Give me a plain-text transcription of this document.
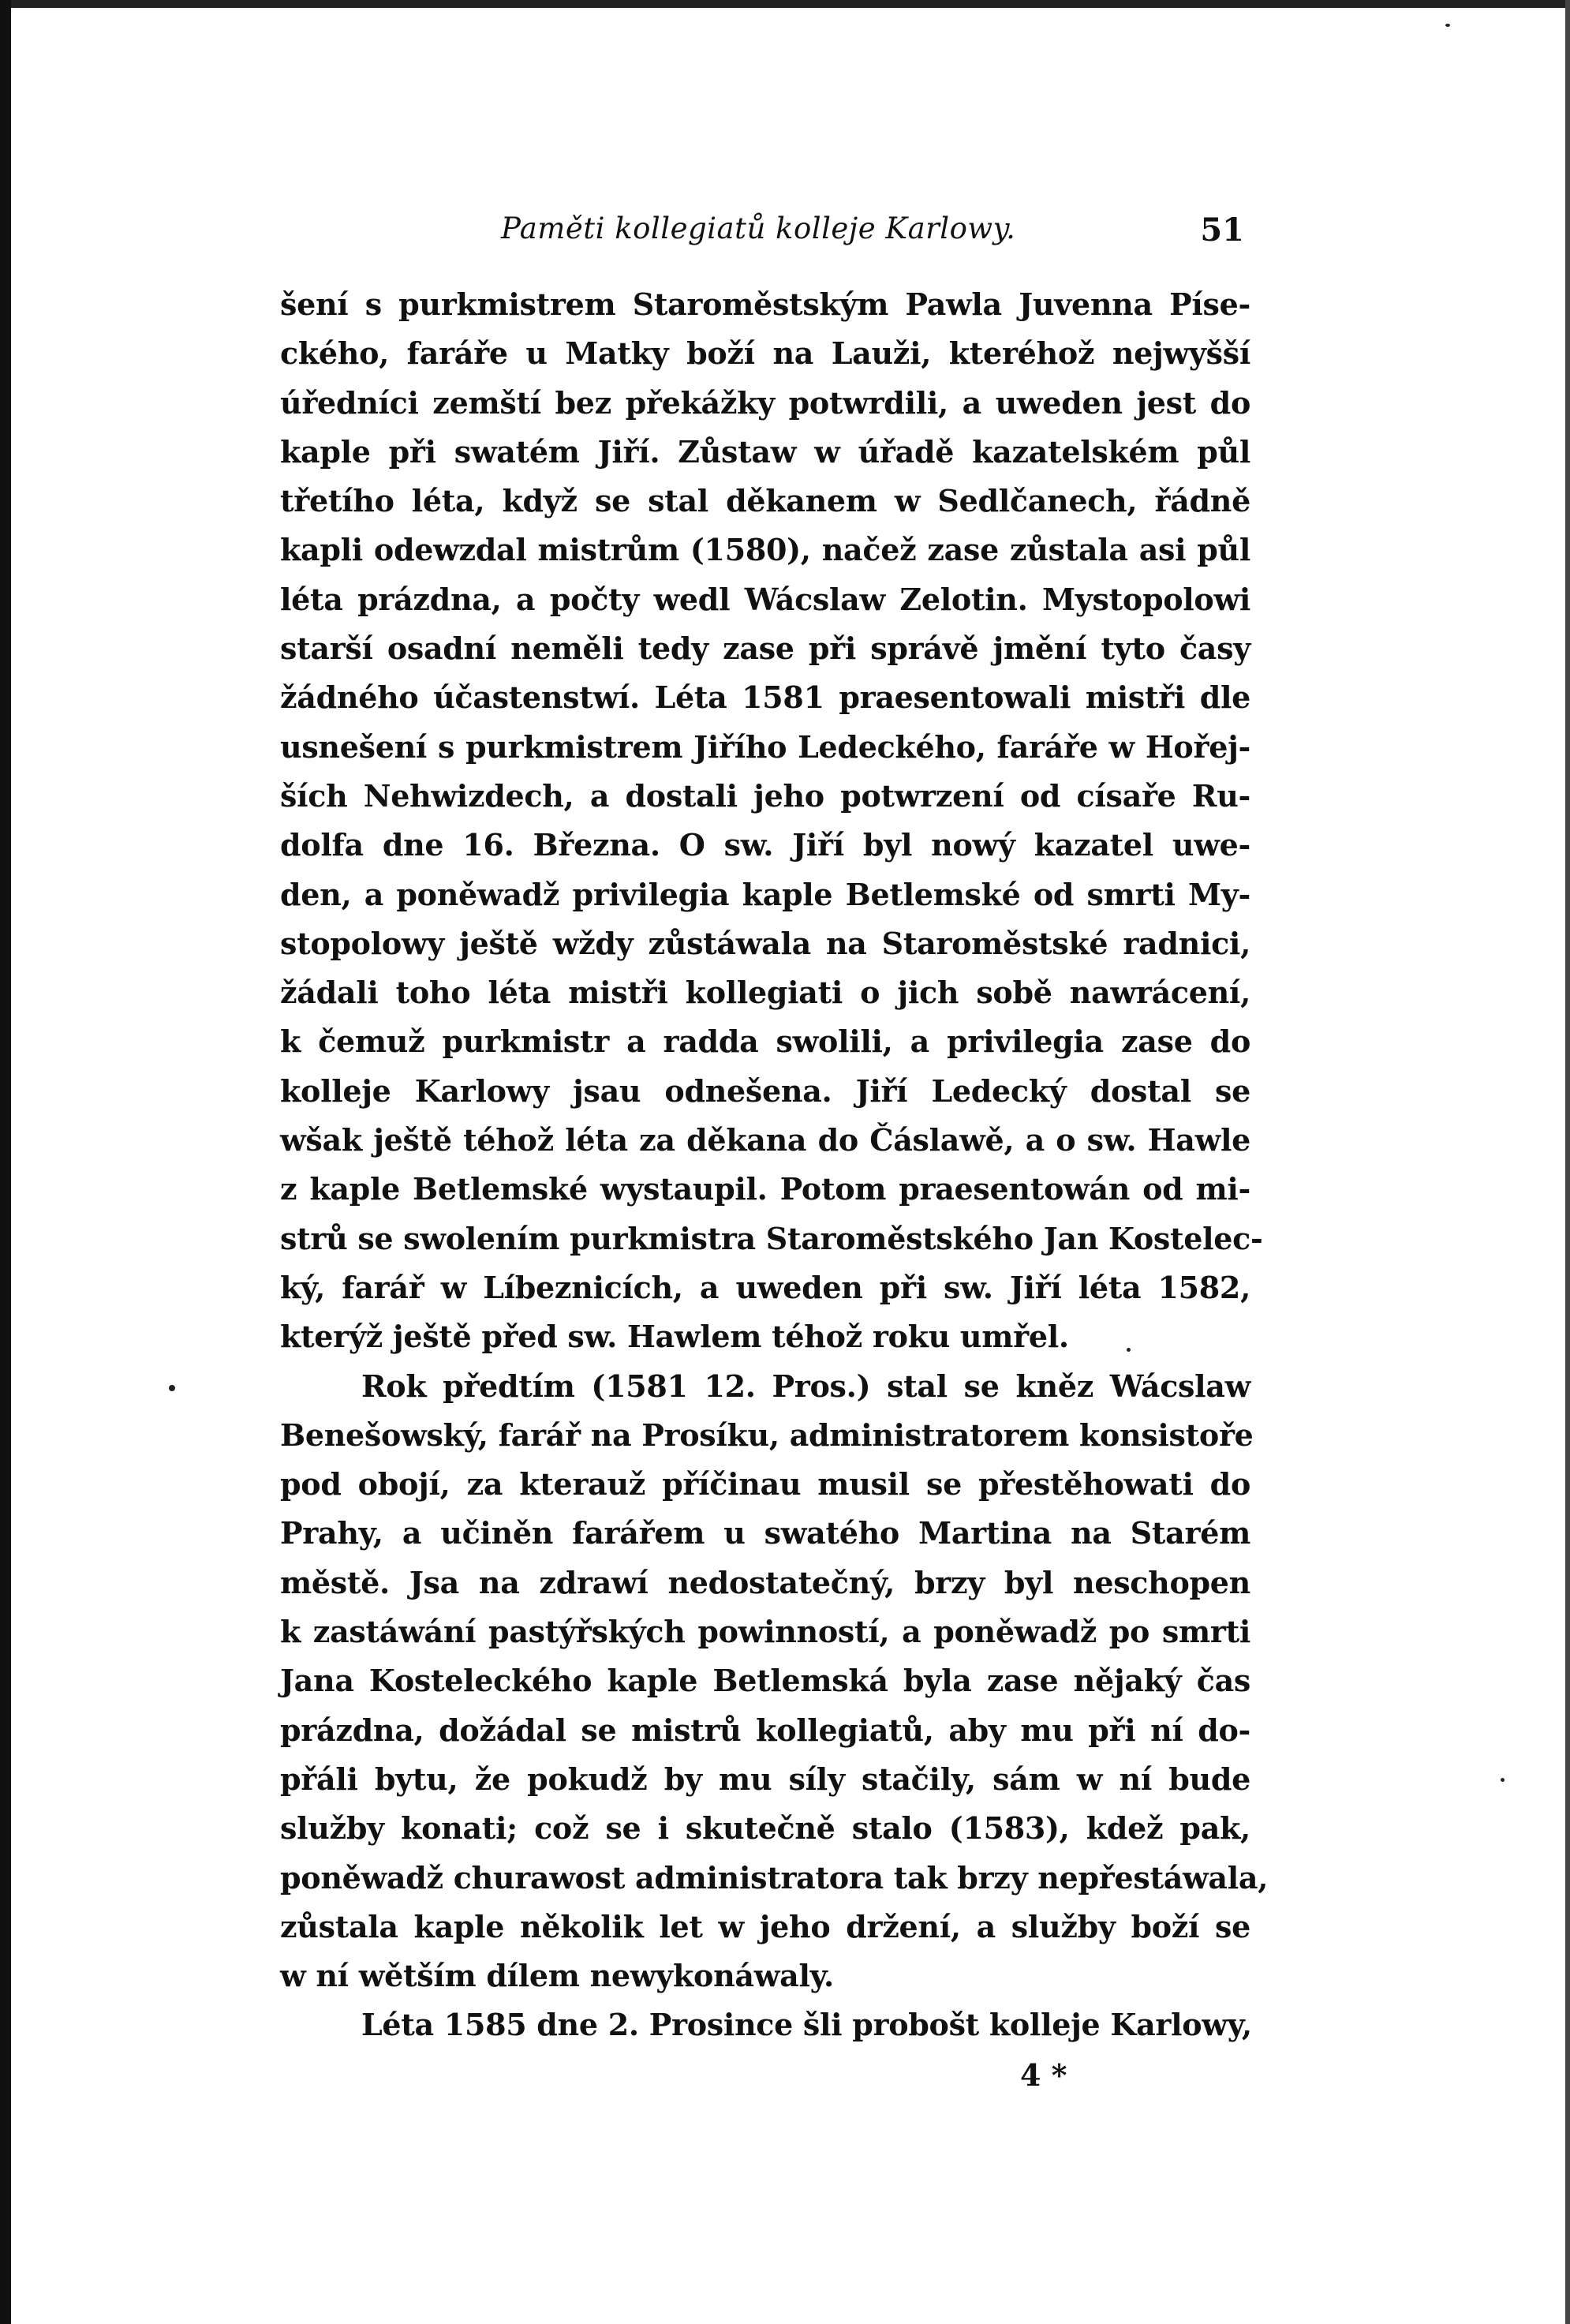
Paměti kollegiatů kolleje Karlowy.	51
šení s purkmistrem Staroměstským Pawla Juvenna Píse-
ckého, faráře u Matky boží na Lauži, kteréhož nejwyšší
úředníci zemští bez překážky potwrdili, a uweden jest do
kaple při swatém Jiří. Zůstaw w úřadě kazatelském půl
třetího léta, když se stal děkanem w Sedlčanech, řádně
kapli odewzdal mistrům (1580), načež zase zůstala asi půl
léta prázdna, a počty wedl Wácslaw Zelotin. Mystopolowi
starší osadní neměli tedy zase při správě jmění tyto časy
žádného účastenstwí. Léta 1581 praesentowali mistři dle
usnešení s purkmistrem Jiřího Ledeckého, faráře w Hořej-
ších Nehwizdech, a dostali jeho potwrzení od císaře Ru-
dolfa dne 16. Března. O sw. Jiří byl nowý kazatel uwe-
den, a poněwadž privilegia kaple Betlemské od smrti My-
stopolowy ještě wždy zůstáwala na Staroměstské radnici,
žádali toho léta mistři kollegiati o jich sobě nawrácení,
k čemuž purkmistr a radda swolili, a privilegia zase do
kolleje Karlowy jsau odnešena. Jiří Ledecký dostal se
wšak ještě téhož léta za děkana do Čáslawě, a o sw. Hawle
z kaple Betlemské wystaupil. Potom praesentowán od mi-
strů se swolením purkmistra Staroměstského Jan Kostelec-
ký, farář w Líbeznicích, a uweden při sw. Jiří léta 1582,
kterýž ještě před sw. Hawlem téhož roku umřel.
Rok předtím (1581 12. Pros.) stal se kněz Wácslaw
Benešowský, farář na Prosíku, administratorem konsistoře
pod obojí, za kterauž příčinau musil se přestěhowati do
Prahy, a učiněn farářem u swatého Martina na Starém
městě. Jsa na zdrawí nedostatečný, brzy byl neschopen
k zastáwání pastýřských powinností, a poněwadž po smrti
Jana Kosteleckého kaple Betlemská byla zase nějaký čas
prázdna, dožádal se mistrů kollegiatů, aby mu při ní do-
přáli bytu, že pokudž by mu síly stačily, sám w ní bude
služby konati; což se i skutečně stalo (1583), kdež pak,
poněwadž churawost administratora tak brzy nepřestáwala,
zůstala kaple několik let w jeho držení, a služby boží se
w ní wětším dílem newykonáwaly.
Léta 1585 dne 2. Prosince šli probošt kolleje Karlowy,
4 *
